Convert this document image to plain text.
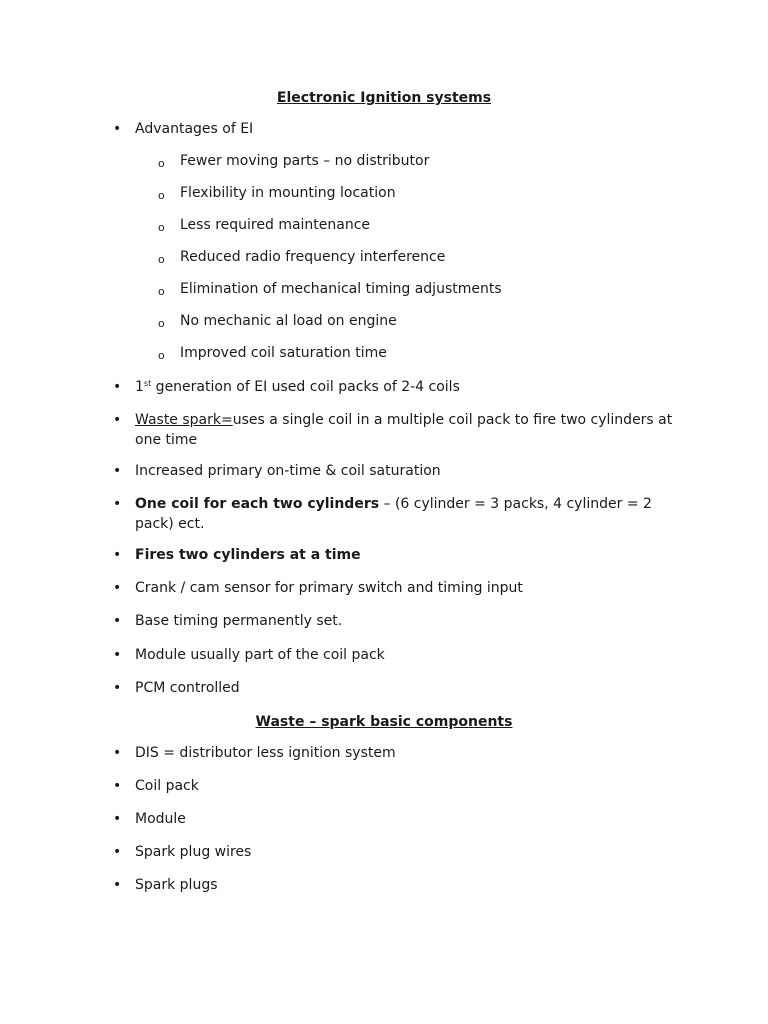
Electronic Ignition systems
• Advantages of EI
o Fewer moving parts – no distributor
o Flexibility in mounting location
o Less required maintenance
o Reduced radio frequency interference
o Elimination of mechanical timing adjustments
o No mechanic al load on engine
o Improved coil saturation time
• 1st generation of EI used coil packs of 2-4 coils
• Waste spark=uses a single coil in a multiple coil pack to fire two cylinders at one time
• Increased primary on-time & coil saturation
• One coil for each two cylinders – (6 cylinder = 3 packs, 4 cylinder = 2 pack) ect.
• Fires two cylinders at a time
• Crank / cam sensor for primary switch and timing input
• Base timing permanently set.
• Module usually part of the coil pack
• PCM controlled
Waste – spark basic components
• DIS = distributor less ignition system
• Coil pack
• Module
• Spark plug wires
• Spark plugs
